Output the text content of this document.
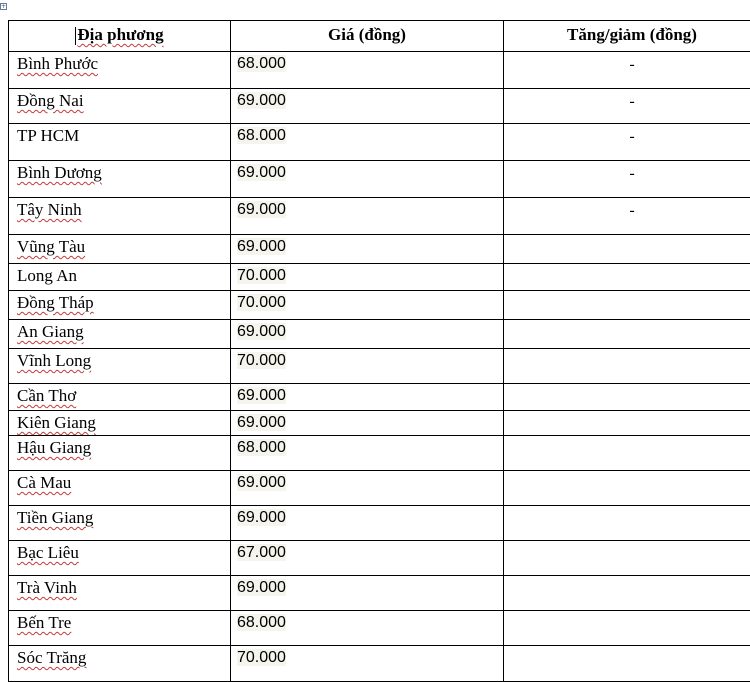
+
Địa phương	Giá (đồng)	Tăng/giảm (đồng)
Bình Phước	68.000	-
Đồng Nai	69.000	-
TP HCM	68.000	-
Bình Dương	69.000	-
Tây Ninh	69.000	-
Vũng Tàu	69.000	
Long An	70.000	
Đồng Tháp	70.000	
An Giang	69.000	
Vĩnh Long	70.000	
Cần Thơ	69.000	
Kiên Giang	69.000	
Hậu Giang	68.000	
Cà Mau	69.000	
Tiền Giang	69.000	
Bạc Liêu	67.000	
Trà Vinh	69.000	
Bến Tre	68.000	
Sóc Trăng	70.000	
